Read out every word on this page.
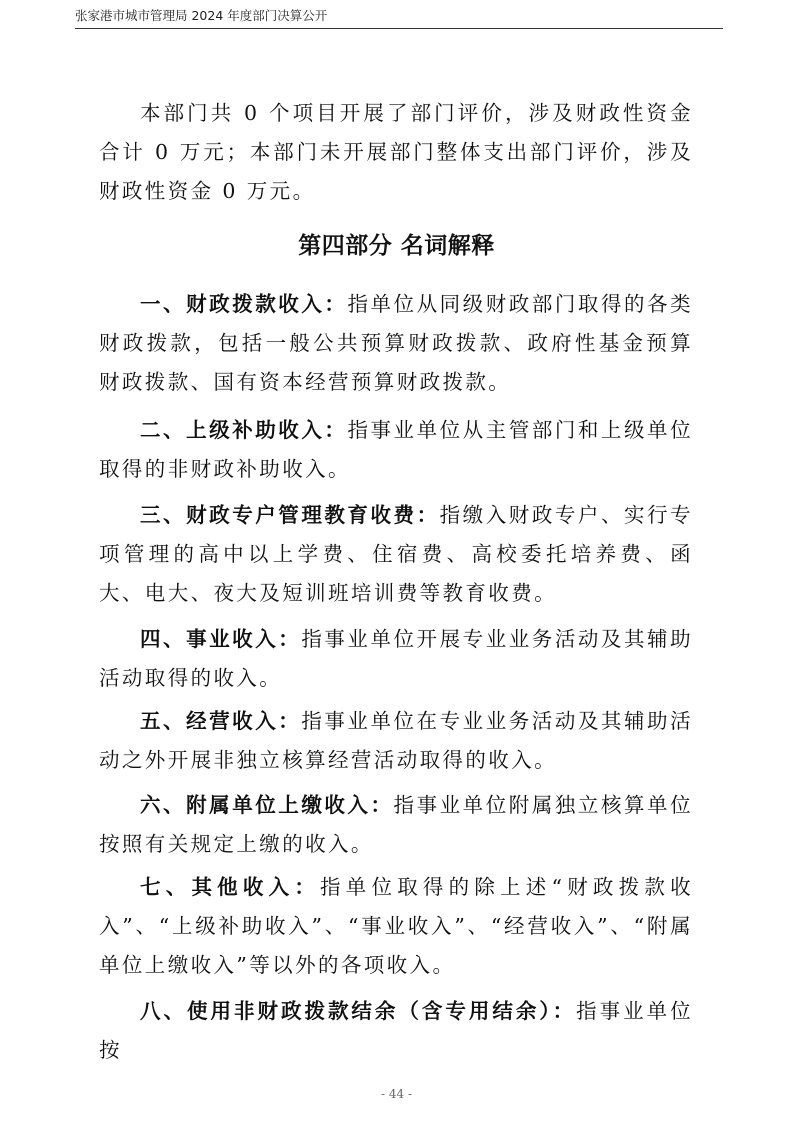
张家港市城市管理局 2024 年度部门决算公开

本部门共 0 个项目开展了部门评价，涉及财政性资金合计 0 万元；本部门未开展部门整体支出部门评价，涉及财政性资金 0 万元。

第四部分 名词解释

一、财政拨款收入：指单位从同级财政部门取得的各类财政拨款，包括一般公共预算财政拨款、政府性基金预算财政拨款、国有资本经营预算财政拨款。

二、上级补助收入：指事业单位从主管部门和上级单位取得的非财政补助收入。

三、财政专户管理教育收费：指缴入财政专户、实行专项管理的高中以上学费、住宿费、高校委托培养费、函大、电大、夜大及短训班培训费等教育收费。

四、事业收入：指事业单位开展专业业务活动及其辅助活动取得的收入。

五、经营收入：指事业单位在专业业务活动及其辅助活动之外开展非独立核算经营活动取得的收入。

六、附属单位上缴收入：指事业单位附属独立核算单位按照有关规定上缴的收入。

七、其他收入：指单位取得的除上述“财政拨款收入”、“上级补助收入”、“事业收入”、“经营收入”、“附属单位上缴收入”等以外的各项收入。

八、使用非财政拨款结余（含专用结余）：指事业单位按

- 44 -
